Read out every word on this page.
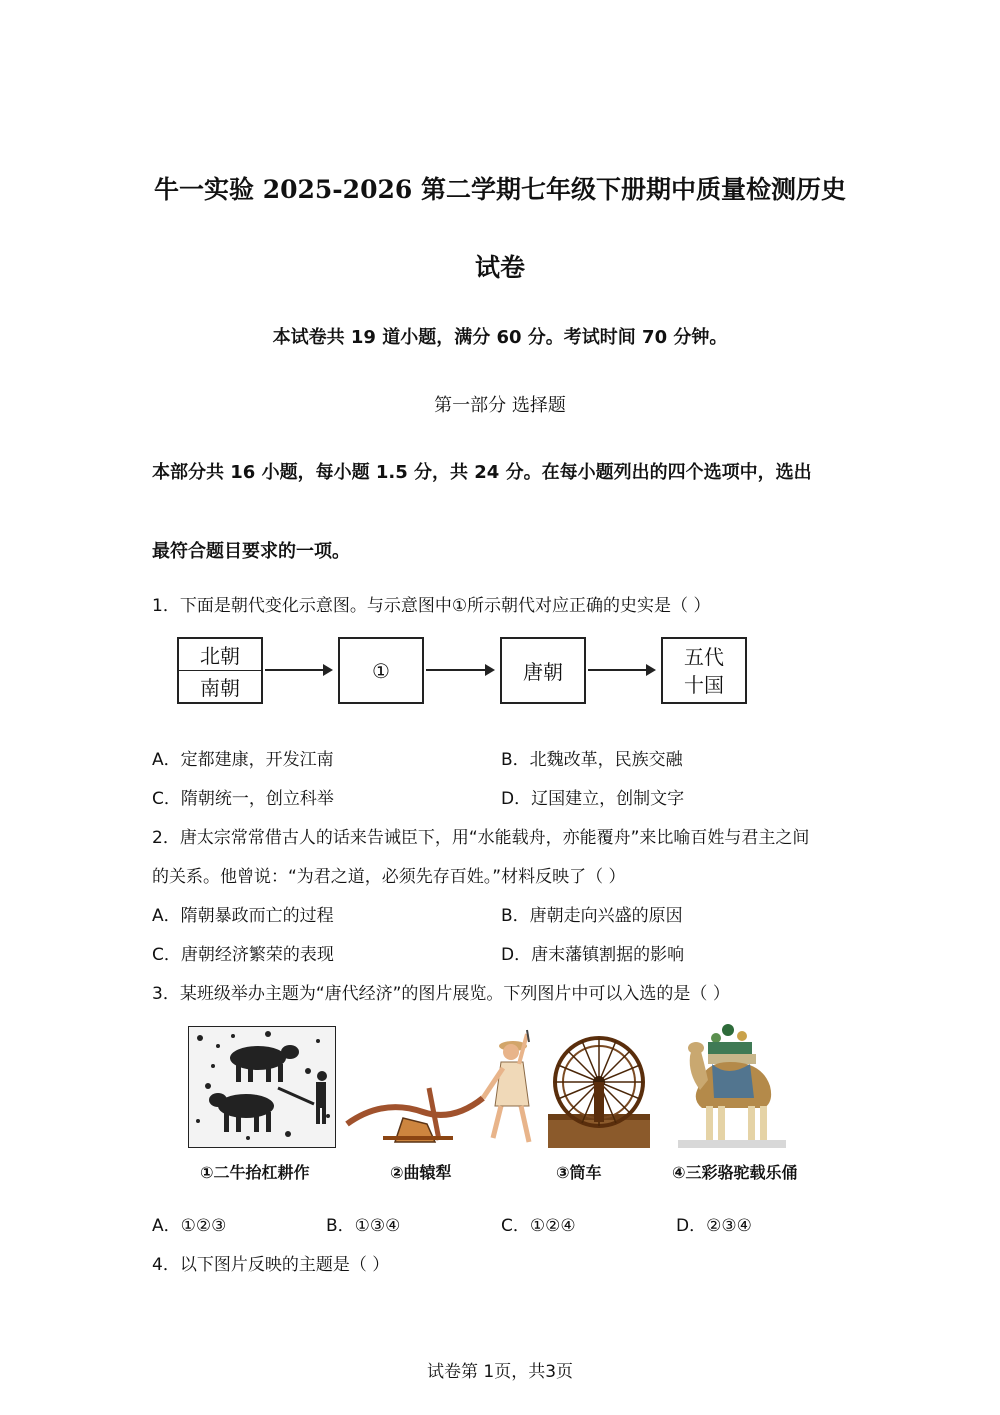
牛一实验 2025-2026 第二学期七年级下册期中质量检测历史
试卷
本试卷共 19 道小题，满分 60 分。考试时间 70 分钟。
第一部分 选择题
本部分共 16 小题，每小题 1.5 分，共 24 分。在每小题列出的四个选项中，选出
最符合题目要求的一项。
1．下面是朝代变化示意图。与示意图中①所示朝代对应正确的史实是（ ）
北朝
南朝
①	唐朝
五代
十国
A．定都建康，开发江南	B．北魏改革，民族交融
C．隋朝统一，创立科举	D．辽国建立，创制文字
2．唐太宗常常借古人的话来告诫臣下，用“水能载舟，亦能覆舟”来比喻百姓与君主之间
的关系。他曾说：“为君之道，必须先存百姓。”材料反映了（ ）
A．隋朝暴政而亡的过程	B．唐朝走向兴盛的原因
C．唐朝经济繁荣的表现	D．唐末藩镇割据的影响
3．某班级举办主题为“唐代经济”的图片展览。下列图片中可以入选的是（ ）
①二牛抬杠耕作	②曲辕犁	③筒车	④三彩骆驼载乐俑
A．①②③	B．①③④	C．①②④	D．②③④
4．以下图片反映的主题是（ ）
试卷第 1页，共3页
